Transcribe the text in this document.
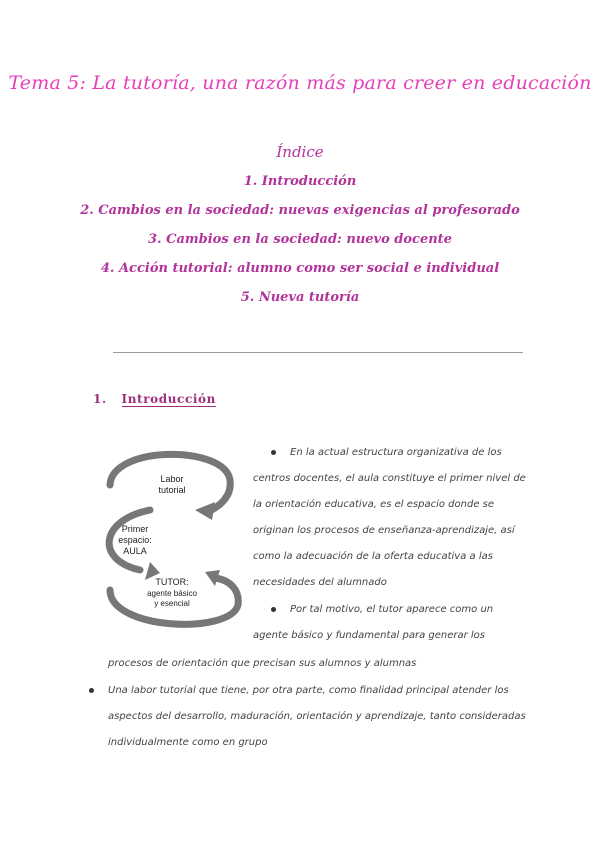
Tema 5: La tutoría, una razón más para creer en educación
Índice
1. Introducción
2. Cambios en la sociedad: nuevas exigencias al profesorado
3. Cambios en la sociedad: nuevo docente
4. Acción tutorial: alumno como ser social e individual
5. Nueva tutoría
1. Introducción
Labor
tutorial
Primer
espacio:
AULA
TUTOR:
agente básico
y esencial
En la actual estructura organizativa de los
centros docentes, el aula constituye el primer nivel de
la orientación educativa, es el espacio donde se
originan los procesos de enseñanza-aprendizaje, así
como la adecuación de la oferta educativa a las
necesidades del alumnado
Por tal motivo, el tutor aparece como un
agente básico y fundamental para generar los
procesos de orientación que precisan sus alumnos y alumnas
Una labor tutorial que tiene, por otra parte, como finalidad principal atender los
aspectos del desarrollo, maduración, orientación y aprendizaje, tanto consideradas
individualmente como en grupo
